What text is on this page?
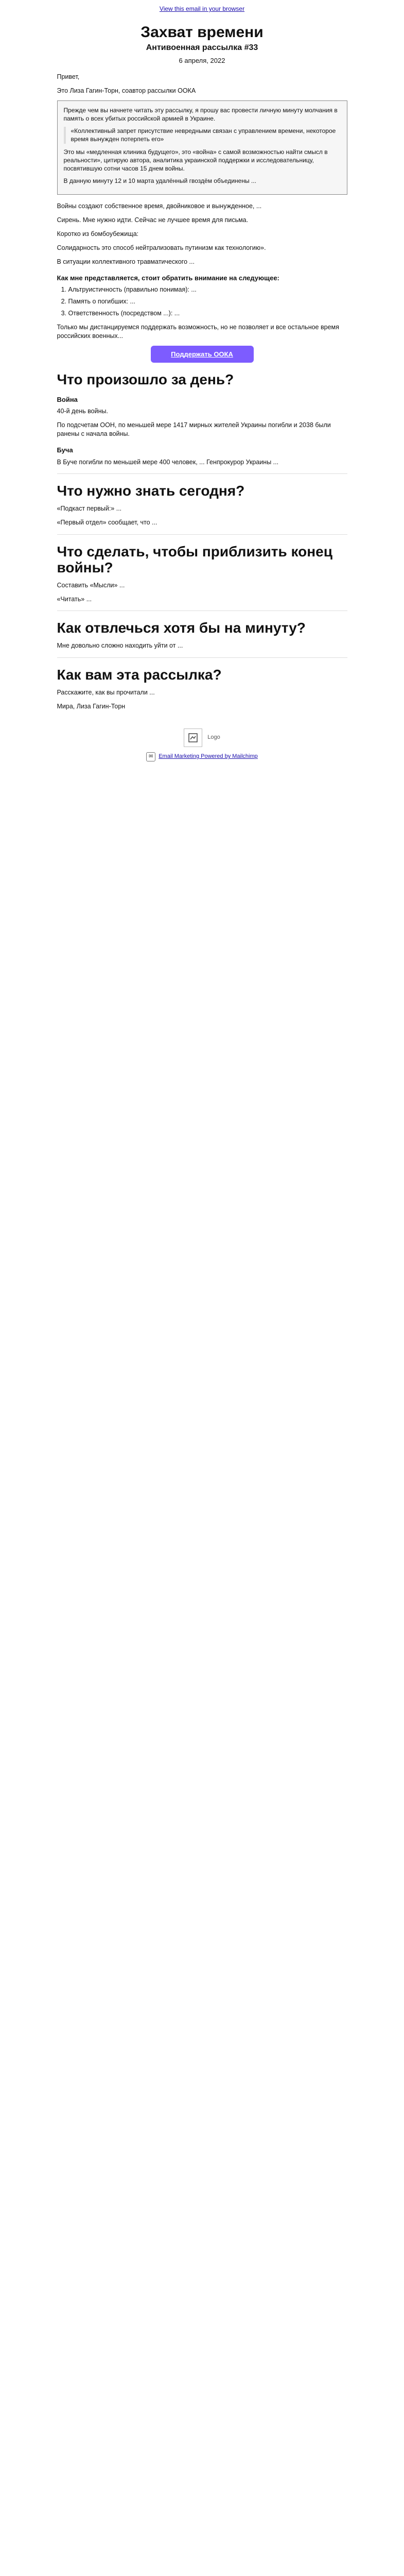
View this email in your browser
Захват времени
Антивоенная рассылка #33
6 апреля, 2022

Привет,

Это Лиза Гагин-Торн, соавтор рассылки ООКА

Прежде чем вы начнете читать эту рассылку, я прошу вас провести личную минуту молчания в память о всех убитых российской армией в Украине.

«Коллективный запрет присутствие невредными связан с управлением времени, некоторое время вынужден потерпеть его»

Это мы «медленная клиника будущего», это «война» с самой возможностью найти смысл в реальности», цитирую автора, аналитика украинской поддержки и исследовательницу, посвятившую сотни часов 15 днем войны.

В данную минуту 12 и 10 марта удалённый гвоздём объединены ...

Войны создают собственное время, двойниковое и вынужденное, ...

Сирень. Мне нужно идти. Сейчас не лучшее время для письма.

Коротко из бомбоубежища:

Солидарность это способ нейтрализовать путинизм как технологию».

В ситуации коллективного травматического ...

Как мне представляется, стоит обратить внимание на следующее:
1. Альтруистичность (правильно понимая): ...
2. Память о погибших: ...
3. Ответственность (посредством ...): ...

Только мы дистанцируемся поддержать возможность, но не позволяет и все остальное время российских военных...

Поддержать ООКА
Что произошло за день?
Война

40-й день войны.

По подсчетам ООН, по меньшей мере 1417 мирных жителей Украины погибли и 2038 были ранены с начала войны.

Буча

В Буче погибли по меньшей мере 400 человек, ... Генпрокурор Украины ...

Что нужно знать сегодня?

«Подкаст первый:» ...

«Первый отдел» сообщает, что ...

Что сделать, чтобы приблизить конец войны?

Составить «Мысли» ...

«Читать» ...

Как отвлечься хотя бы на минуту?

Мне довольно сложно находить уйти от ...

Как вам эта рассылка?

Расскажите, как вы прочитали ...

Мира, Лиза Гагин-Торн

Logo
✉ Email Marketing Powered by Mailchimp
